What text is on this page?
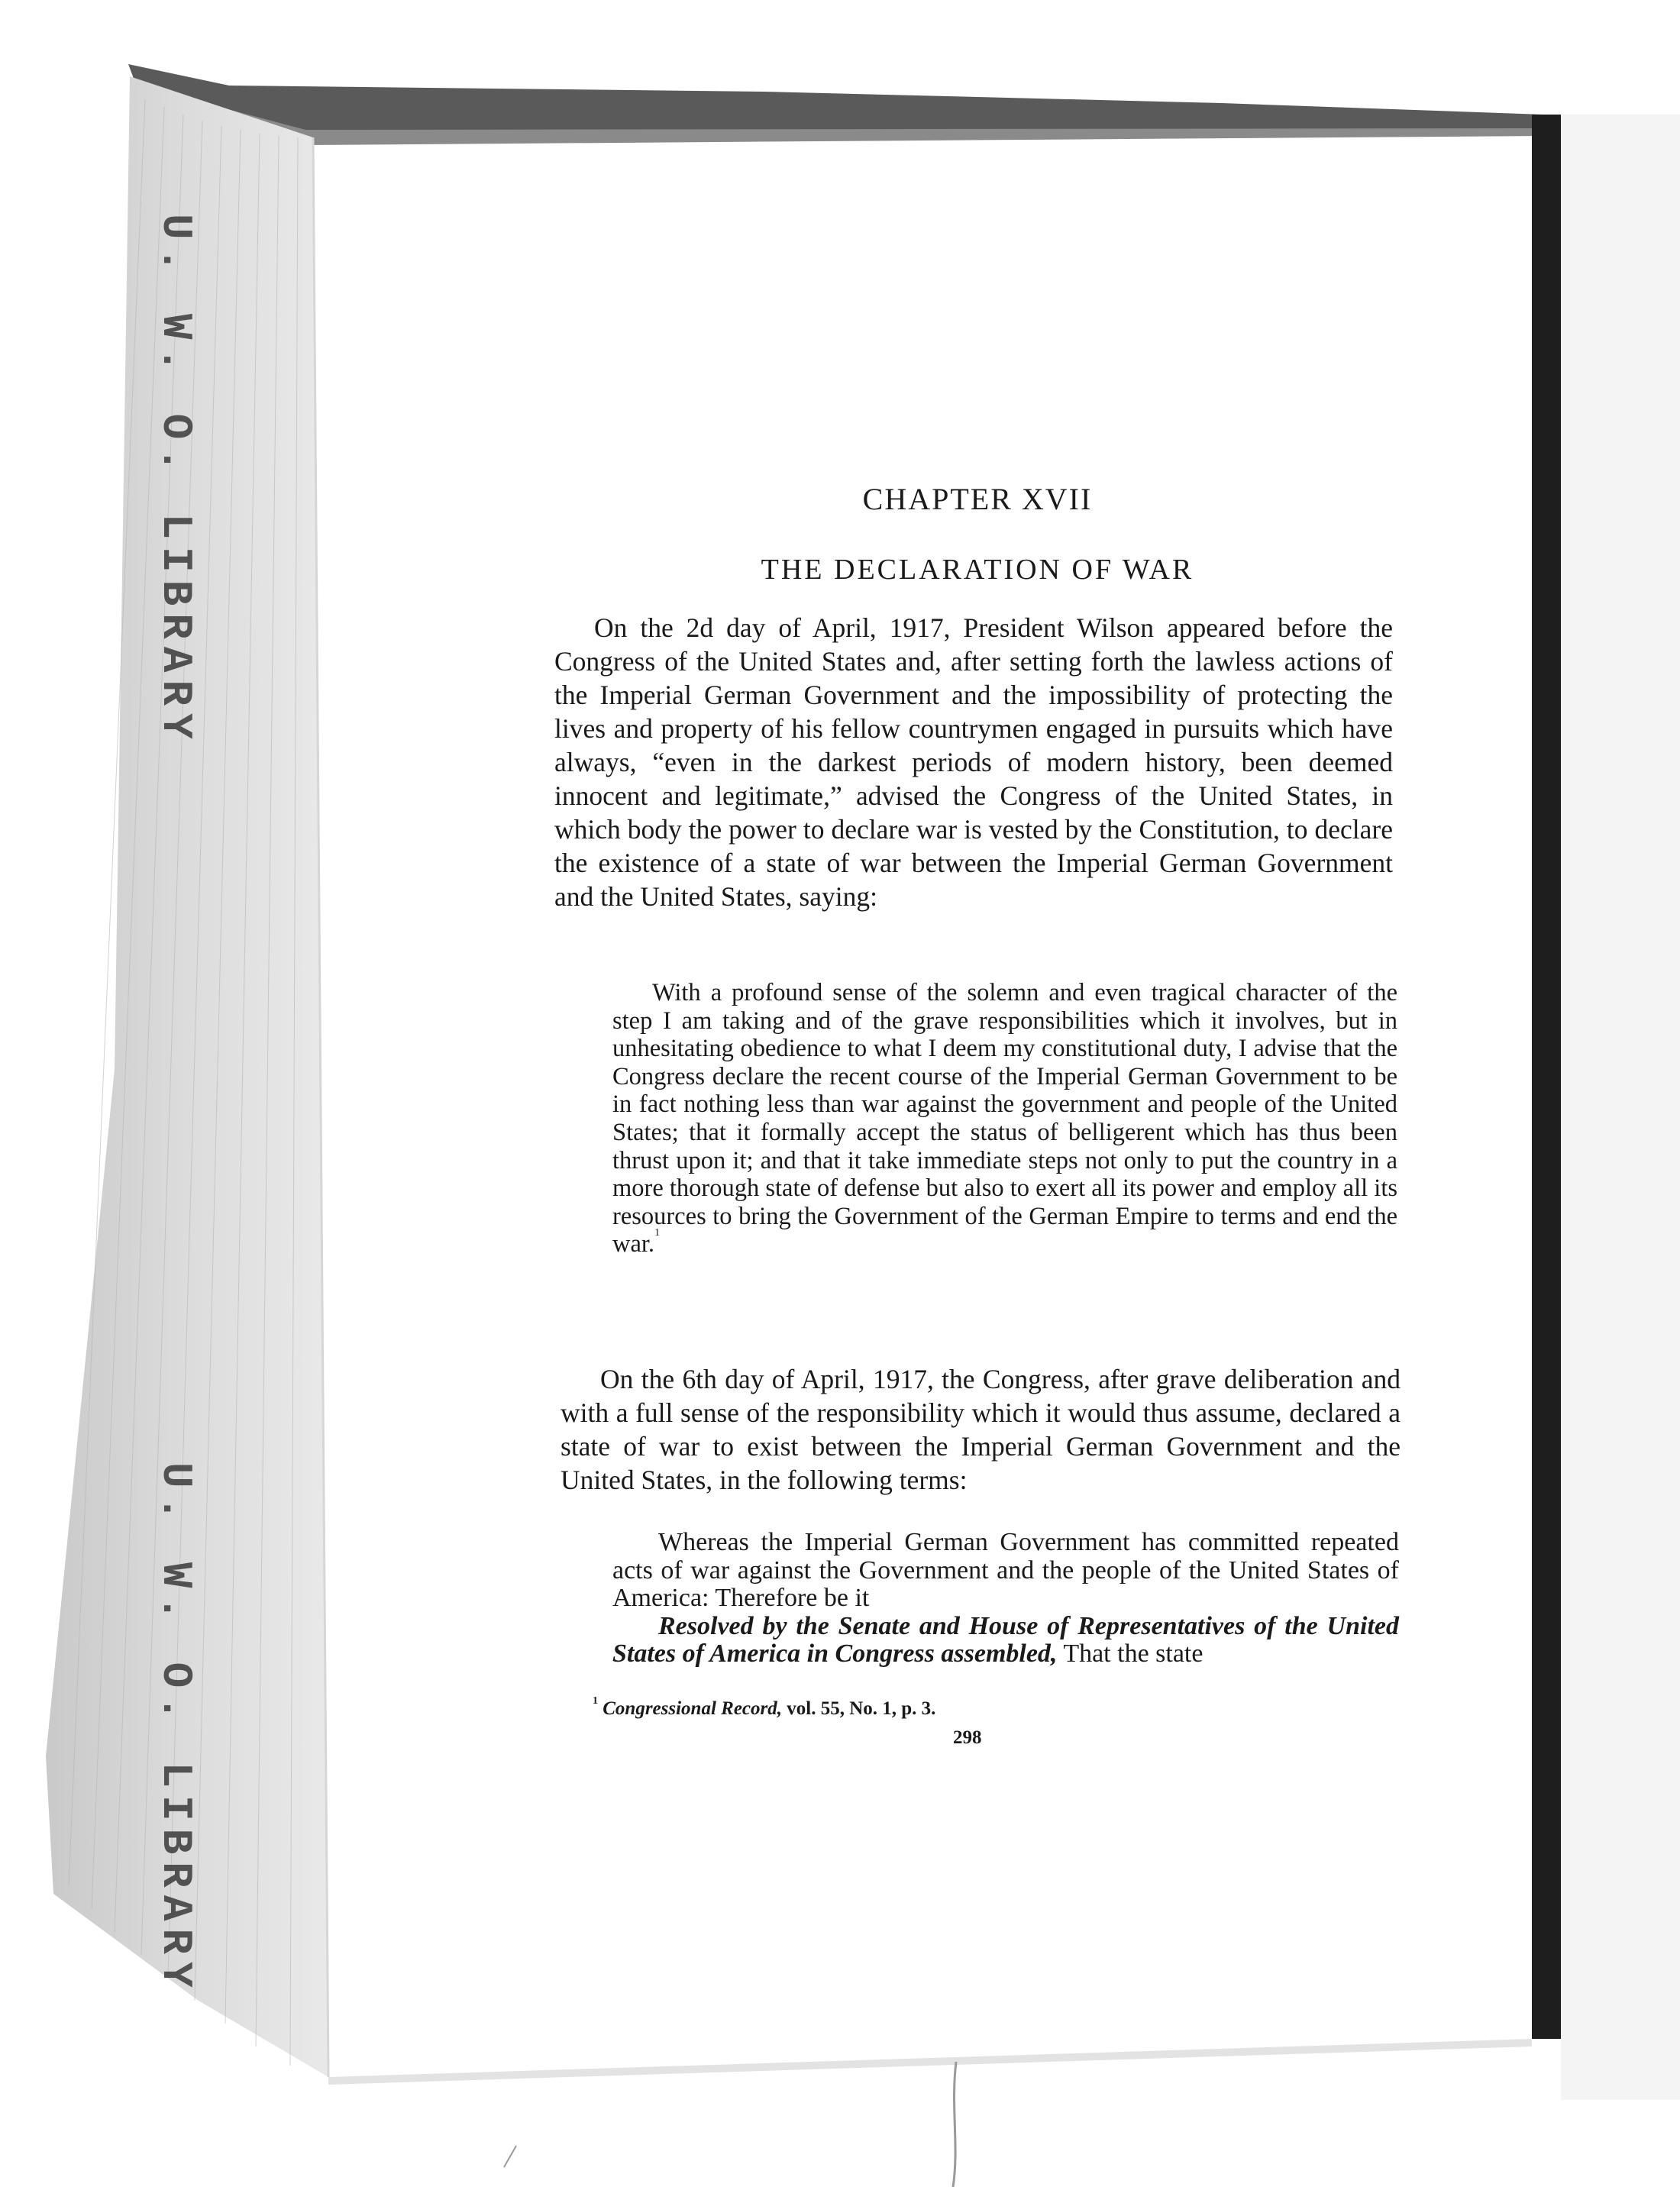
U. W. O. LIBRARY
U. W. O. LIBRARY
CHAPTER XVII
THE DECLARATION OF WAR

On the 2d day of April, 1917, President Wilson appeared before the Congress of the United States and, after setting forth the lawless actions of the Imperial German Government and the impossibility of protecting the lives and property of his fellow countrymen engaged in pursuits which have always, “even in the darkest periods of modern history, been deemed innocent and legitimate,” advised the Congress of the United States, in which body the power to declare war is vested by the Constitution, to declare the existence of a state of war between the Imperial German Government and the United States, saying:

With a profound sense of the solemn and even tragical character of the step I am taking and of the grave responsibilities which it involves, but in unhesitating obedience to what I deem my constitutional duty, I advise that the Congress declare the recent course of the Imperial German Government to be in fact nothing less than war against the government and people of the United States; that it formally accept the status of belligerent which has thus been thrust upon it; and that it take immediate steps not only to put the country in a more thorough state of defense but also to exert all its power and employ all its resources to bring the Government of the German Empire to terms and end the war.$^1$

On the 6th day of April, 1917, the Congress, after grave deliberation and with a full sense of the responsibility which it would thus assume, declared a state of war to exist between the Imperial German Government and the United States, in the following terms:

Whereas the Imperial German Government has committed repeated acts of war against the Government and the people of the United States of America: Therefore be it

Resolved by the Senate and House of Representatives of the United States of America in Congress assembled, That the state

$^1$ Congressional Record, vol. 55, No. 1, p. 3.
298
